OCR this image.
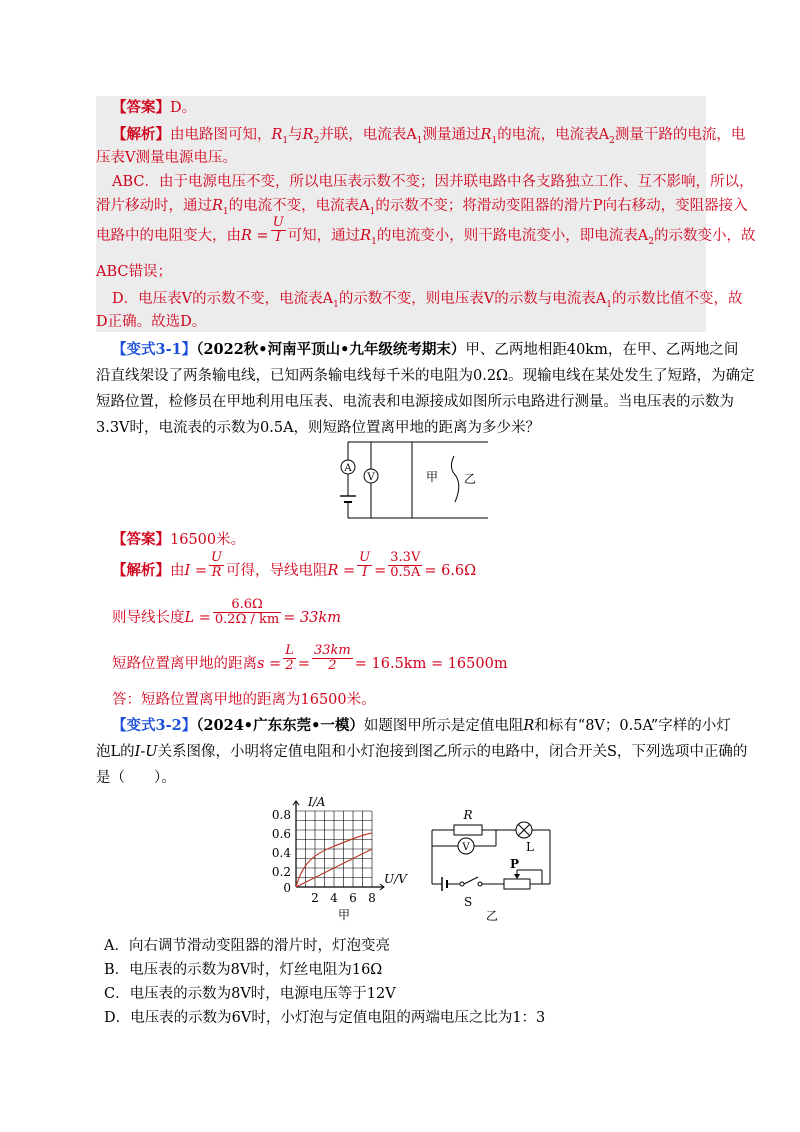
【答案】D。
【解析】由电路图可知，$R_1$与$R_2$并联，电流表$A_1$测量通过$R_1$的电流，电流表$A_2$测量干路的电流，电
压表V测量电源电压。
ABC．由于电源电压不变，所以电压表示数不变；因并联电路中各支路独立工作、互不影响，所以，
滑片移动时，通过$R_1$的电流不变，电流表$A_1$的示数不变；将滑动变阻器的滑片P向右移动，变阻器接入
电路中的电阻变大，由$R = \frac{U}{I}$ 可知，通过$R_1$的电流变小，则干路电流变小，即电流表$A_2$的示数变小，故
ABC错误；
D．电压表V的示数不变，电流表$A_1$的示数不变，则电压表V的示数与电流表$A_1$的示数比值不变，故
D正确。故选D。
【变式3-1】（2022秋•河南平顶山•九年级统考期末）甲、乙两地相距40km，在甲、乙两地之间
沿直线架设了两条输电线，已知两条输电线每千米的电阻为0.2Ω。现输电线在某处发生了短路，为确定
短路位置，检修员在甲地利用电压表、电流表和电源接成如图所示电路进行测量。当电压表的示数为
3.3V时，电流表的示数为0.5A，则短路位置离甲地的距离为多少米？
A
V	甲 乙
【答案】16500米。
【解析】由$I = \frac{U}{R}$ 可得，导线电阻$R = \frac{U}{I} = \frac{3.3V}{0.5A} = 6.6\Omega$
则导线长度$L = \frac{6.6\Omega}{0.2\Omega / km} = 33km$
短路位置离甲地的距离$s = \frac{L}{2} = \frac{33km}{2} = 16.5km = 16500m$
答：短路位置离甲地的距离为16500米。
【变式3-2】（2024•广东东莞•一模）如题图甲所示是定值电阻R和标有“8V；0.5A”字样的小灯
泡L的I-U关系图像，小明将定值电阻和小灯泡接到图乙所示的电路中，闭合开关S，下列选项中正确的
是（　　）。
I/A
U/V
0.8
0.6
0.4
0.2
0
2 4 6 8
甲
R
V	L
P
S
乙
A．向右调节滑动变阻器的滑片时，灯泡变亮
B．电压表的示数为8V时，灯丝电阻为16Ω
C．电压表的示数为8V时，电源电压等于12V
D．电压表的示数为6V时，小灯泡与定值电阻的两端电压之比为1：3
